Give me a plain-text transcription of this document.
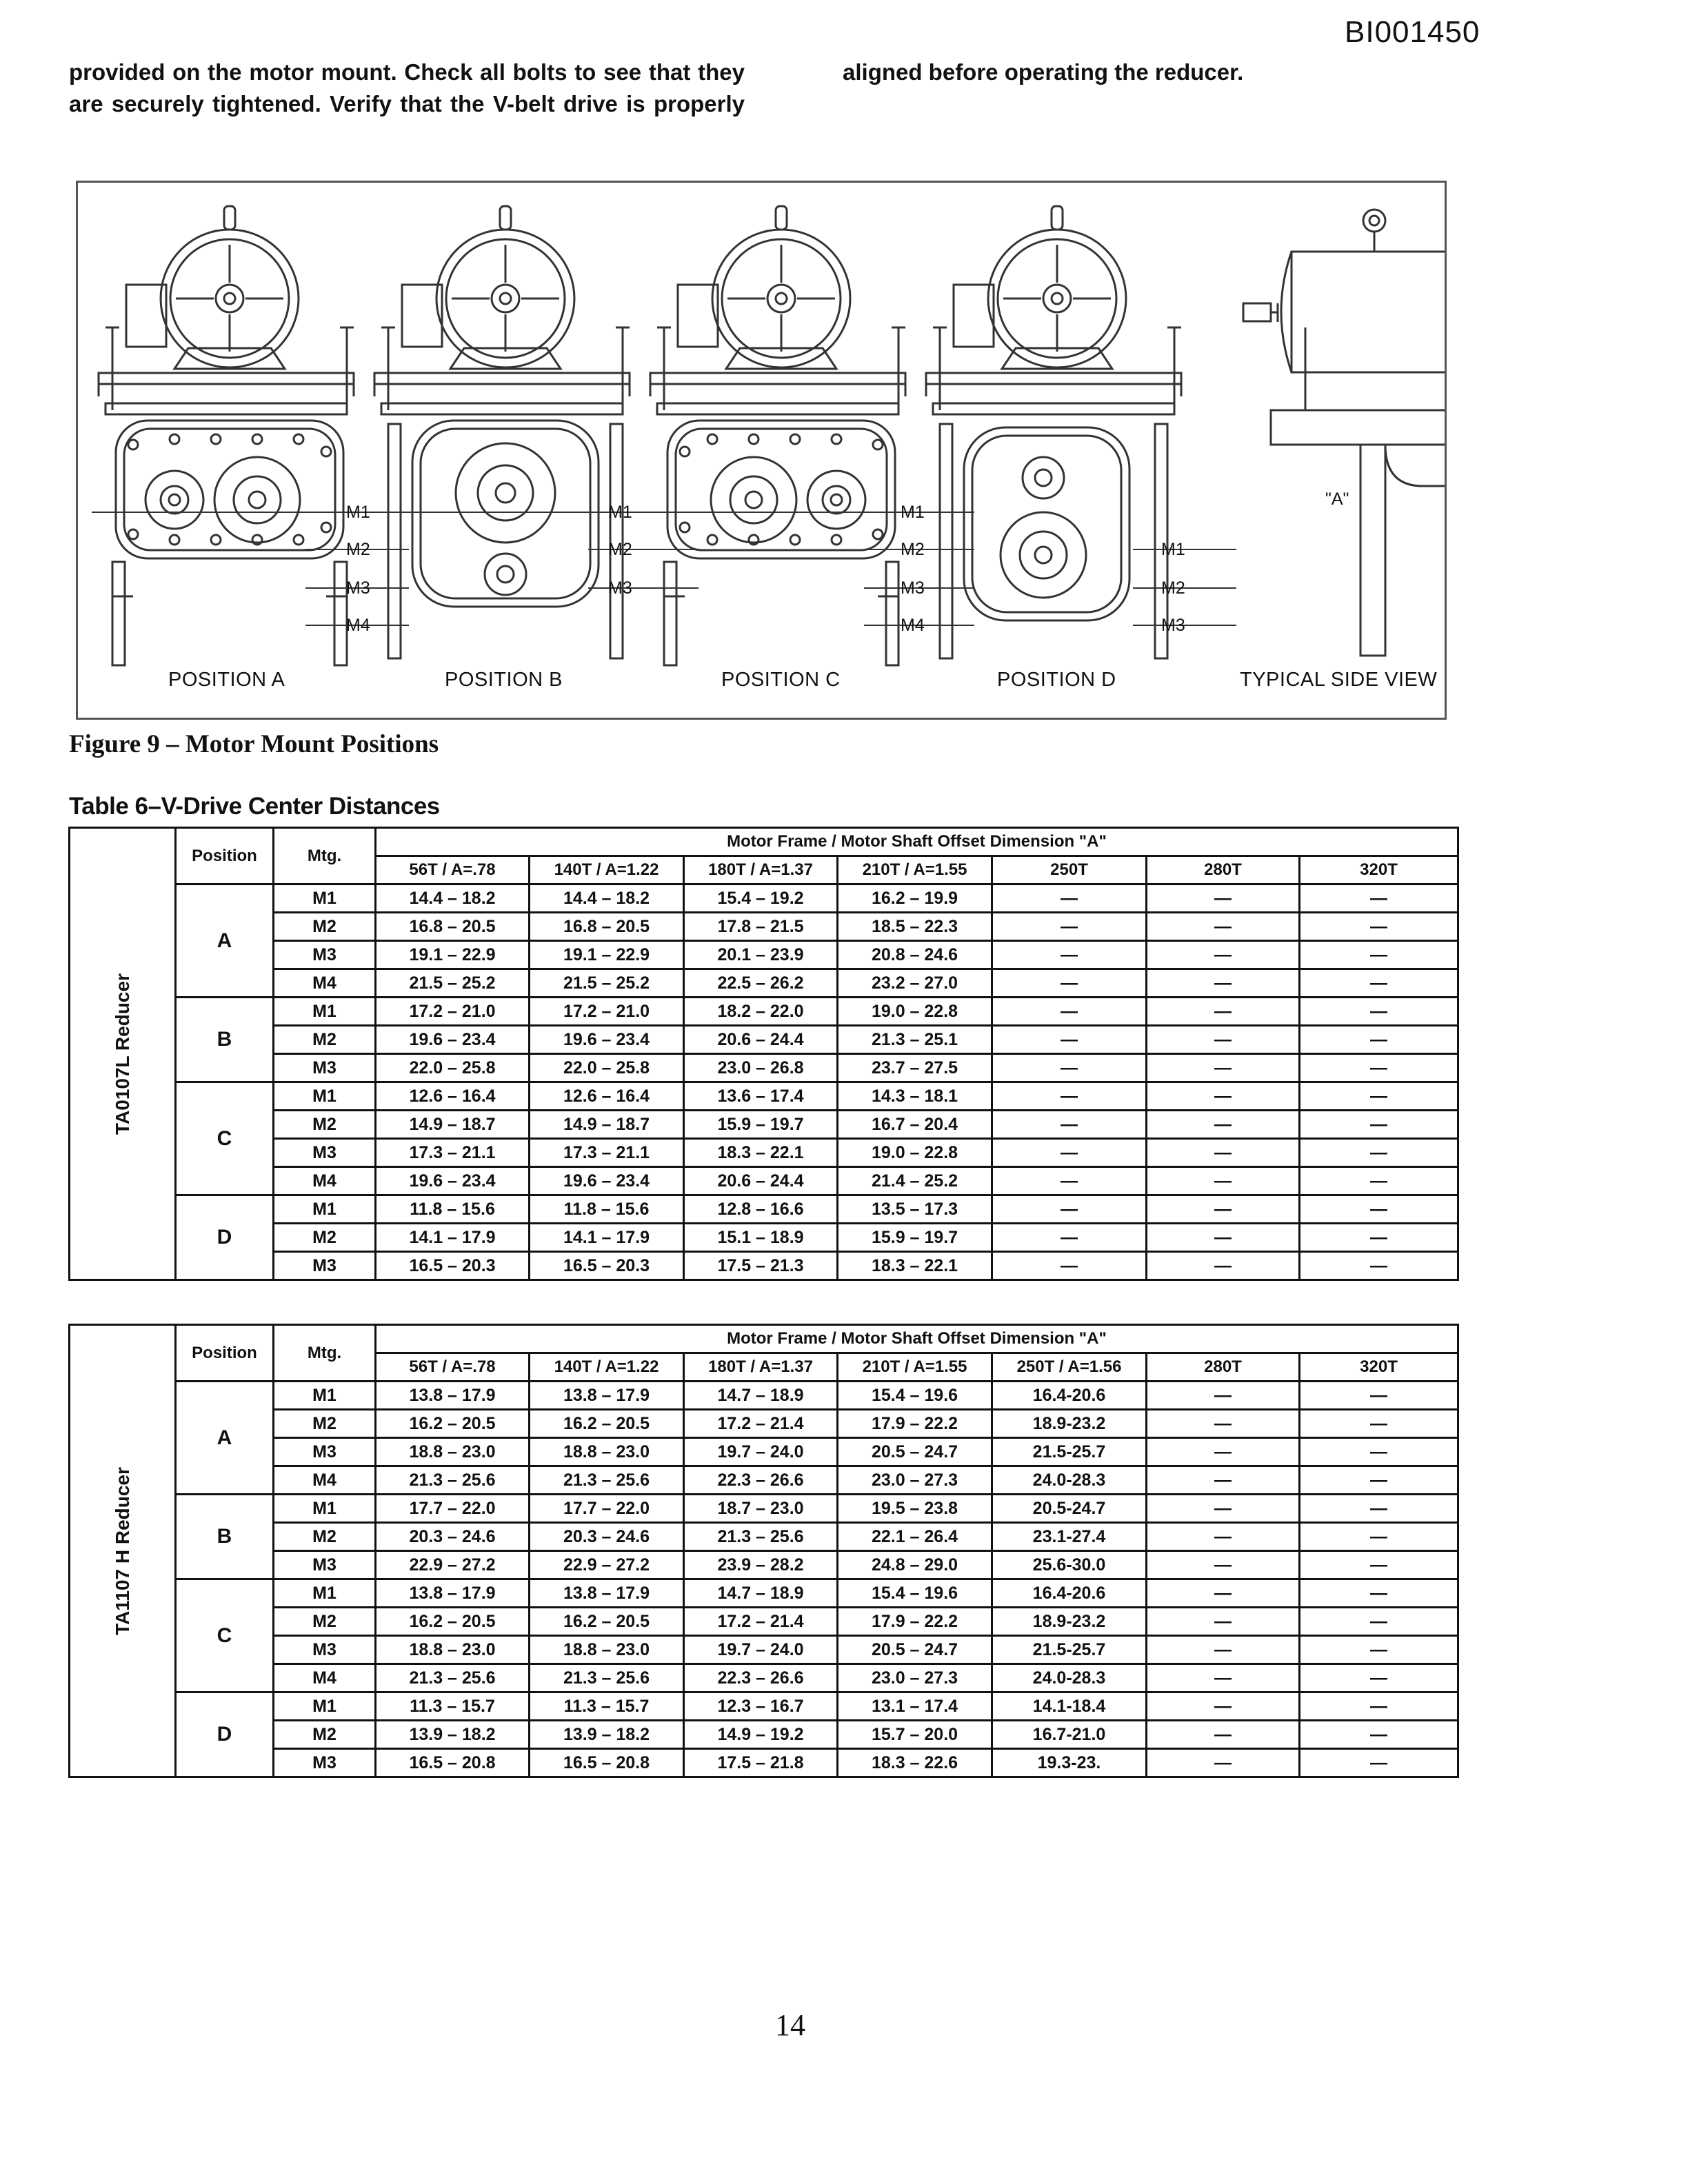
BI001450
provided on the motor mount. Check all bolts to see that they
are securely tightened. Verify that the V-belt drive is properly
aligned before operating the reducer.
POSITION A	POSITION B	POSITION C	POSITION D	TYPICAL SIDE VIEW
"A"
M1
M2
M3
M4
M1
M2
M3
M1
M2
M3
M4
M1
M2
M3
Figure 9 – Motor Mount Positions
Table 6–V-Drive Center Distances
TA0107L Reducer	Position	Mtg.	Motor Frame / Motor Shaft Offset Dimension "A"						
			56T / A=.78	140T / A=1.22	180T / A=1.37	210T / A=1.55	250T	280T	320T
	A	M1	14.4 – 18.2	14.4 – 18.2	15.4 – 19.2	16.2 – 19.9	—	—	—
		M2	16.8 – 20.5	16.8 – 20.5	17.8 – 21.5	18.5 – 22.3	—	—	—
		M3	19.1 – 22.9	19.1 – 22.9	20.1 – 23.9	20.8 – 24.6	—	—	—
		M4	21.5 – 25.2	21.5 – 25.2	22.5 – 26.2	23.2 – 27.0	—	—	—
	B	M1	17.2 – 21.0	17.2 – 21.0	18.2 – 22.0	19.0 – 22.8	—	—	—
		M2	19.6 – 23.4	19.6 – 23.4	20.6 – 24.4	21.3 – 25.1	—	—	—
		M3	22.0 – 25.8	22.0 – 25.8	23.0 – 26.8	23.7 – 27.5	—	—	—
	C	M1	12.6 – 16.4	12.6 – 16.4	13.6 – 17.4	14.3 – 18.1	—	—	—
		M2	14.9 – 18.7	14.9 – 18.7	15.9 – 19.7	16.7 – 20.4	—	—	—
		M3	17.3 – 21.1	17.3 – 21.1	18.3 – 22.1	19.0 – 22.8	—	—	—
		M4	19.6 – 23.4	19.6 – 23.4	20.6 – 24.4	21.4 – 25.2	—	—	—
	D	M1	11.8 – 15.6	11.8 – 15.6	12.8 – 16.6	13.5 – 17.3	—	—	—
		M2	14.1 – 17.9	14.1 – 17.9	15.1 – 18.9	15.9 – 19.7	—	—	—
		M3	16.5 – 20.3	16.5 – 20.3	17.5 – 21.3	18.3 – 22.1	—	—	—
TA1107 H Reducer	Position	Mtg.	Motor Frame / Motor Shaft Offset Dimension "A"						
			56T / A=.78	140T / A=1.22	180T / A=1.37	210T / A=1.55	250T / A=1.56	280T	320T
	A	M1	13.8 – 17.9	13.8 – 17.9	14.7 – 18.9	15.4 – 19.6	16.4-20.6	—	—
		M2	16.2 – 20.5	16.2 – 20.5	17.2 – 21.4	17.9 – 22.2	18.9-23.2	—	—
		M3	18.8 – 23.0	18.8 – 23.0	19.7 – 24.0	20.5 – 24.7	21.5-25.7	—	—
		M4	21.3 – 25.6	21.3 – 25.6	22.3 – 26.6	23.0 – 27.3	24.0-28.3	—	—
	B	M1	17.7 – 22.0	17.7 – 22.0	18.7 – 23.0	19.5 – 23.8	20.5-24.7	—	—
		M2	20.3 – 24.6	20.3 – 24.6	21.3 – 25.6	22.1 – 26.4	23.1-27.4	—	—
		M3	22.9 – 27.2	22.9 – 27.2	23.9 – 28.2	24.8 – 29.0	25.6-30.0	—	—
	C	M1	13.8 – 17.9	13.8 – 17.9	14.7 – 18.9	15.4 – 19.6	16.4-20.6	—	—
		M2	16.2 – 20.5	16.2 – 20.5	17.2 – 21.4	17.9 – 22.2	18.9-23.2	—	—
		M3	18.8 – 23.0	18.8 – 23.0	19.7 – 24.0	20.5 – 24.7	21.5-25.7	—	—
		M4	21.3 – 25.6	21.3 – 25.6	22.3 – 26.6	23.0 – 27.3	24.0-28.3	—	—
	D	M1	11.3 – 15.7	11.3 – 15.7	12.3 – 16.7	13.1 – 17.4	14.1-18.4	—	—
		M2	13.9 – 18.2	13.9 – 18.2	14.9 – 19.2	15.7 – 20.0	16.7-21.0	—	—
		M3	16.5 – 20.8	16.5 – 20.8	17.5 – 21.8	18.3 – 22.6	19.3-23.	—	—
14
